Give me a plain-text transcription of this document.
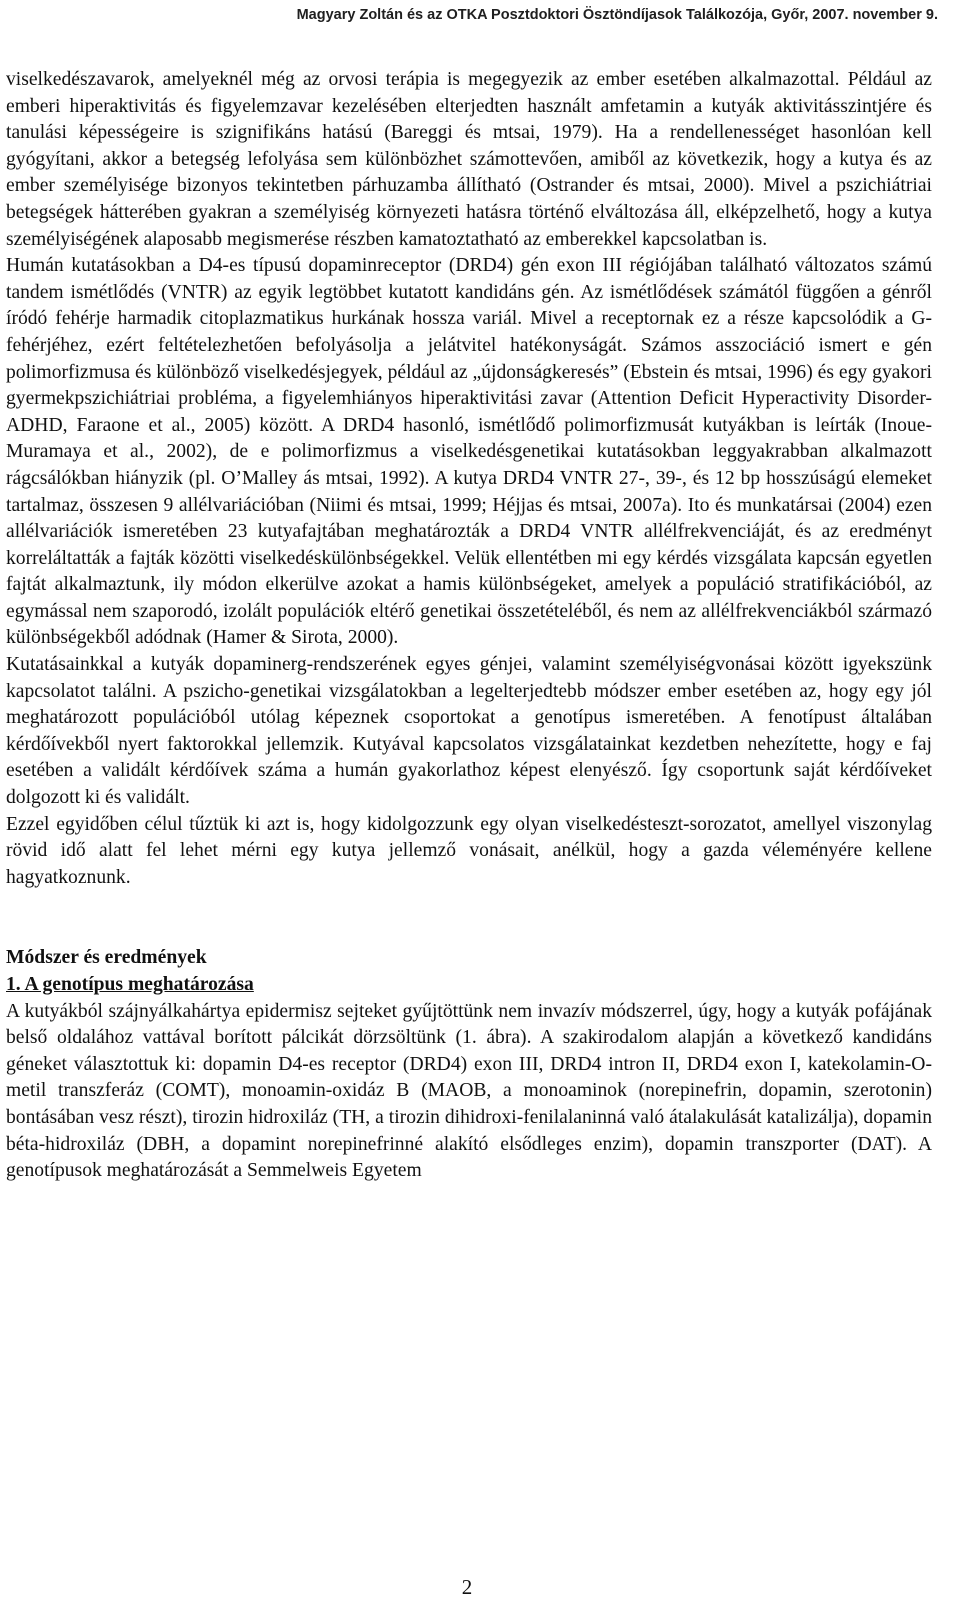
Magyary Zoltán és az OTKA Posztdoktori Ösztöndíjasok Találkozója, Győr, 2007. november 9.

viselkedészavarok, amelyeknél még az orvosi terápia is megegyezik az ember esetében alkalmazottal. Például az emberi hiperaktivitás és figyelemzavar kezelésében elterjedten használt amfetamin a kutyák aktivitásszintjére és tanulási képességeire is szignifikáns hatású (Bareggi és mtsai, 1979). Ha a rendellenességet hasonlóan kell gyógyítani, akkor a betegség lefolyása sem különbözhet számottevően, amiből az következik, hogy a kutya és az ember személyisége bizonyos tekintetben párhuzamba állítható (Ostrander és mtsai, 2000). Mivel a pszichiátriai betegségek hátterében gyakran a személyiség környezeti hatásra történő elváltozása áll, elképzelhető, hogy a kutya személyiségének alaposabb megismerése részben kamatoztatható az emberekkel kapcsolatban is.

Humán kutatásokban a D4-es típusú dopaminreceptor (DRD4) gén exon III régiójában található változatos számú tandem ismétlődés (VNTR) az egyik legtöbbet kutatott kandidáns gén. Az ismétlődések számától függően a génről íródó fehérje harmadik citoplazmatikus hurkának hossza variál. Mivel a receptornak ez a része kapcsolódik a G-fehérjéhez, ezért feltételezhetően befolyásolja a jelátvitel hatékonyságát. Számos asszociáció ismert e gén polimorfizmusa és különböző viselkedésjegyek, például az „újdonságkeresés” (Ebstein és mtsai, 1996) és egy gyakori gyermekpszichiátriai probléma, a figyelemhiányos hiperaktivitási zavar (Attention Deficit Hyperactivity Disorder-ADHD, Faraone et al., 2005) között. A DRD4 hasonló, ismétlődő polimorfizmusát kutyákban is leírták (Inoue-Muramaya et al., 2002), de e polimorfizmus a viselkedésgenetikai kutatásokban leggyakrabban alkalmazott rágcsálókban hiányzik (pl. O’Malley ás mtsai, 1992). A kutya DRD4 VNTR 27-, 39-, és 12 bp hosszúságú elemeket tartalmaz, összesen 9 allélvariációban (Niimi és mtsai, 1999; Héjjas és mtsai, 2007a). Ito és munkatársai (2004) ezen allélvariációk ismeretében 23 kutyafajtában meghatározták a DRD4 VNTR allélfrekvenciáját, és az eredményt korreláltatták a fajták közötti viselkedéskülönbségekkel. Velük ellentétben mi egy kérdés vizsgálata kapcsán egyetlen fajtát alkalmaztunk, ily módon elkerülve azokat a hamis különbségeket, amelyek a populáció stratifikációból, az egymással nem szaporodó, izolált populációk eltérő genetikai összetételéből, és nem az allélfrekvenciákból származó különbségekből adódnak (Hamer & Sirota, 2000).

Kutatásainkkal a kutyák dopaminerg-rendszerének egyes génjei, valamint személyiségvonásai között igyekszünk kapcsolatot találni. A pszicho-genetikai vizsgálatokban a legelterjedtebb módszer ember esetében az, hogy egy jól meghatározott populációból utólag képeznek csoportokat a genotípus ismeretében. A fenotípust általában kérdőívekből nyert faktorokkal jellemzik. Kutyával kapcsolatos vizsgálatainkat kezdetben nehezítette, hogy e faj esetében a validált kérdőívek száma a humán gyakorlathoz képest elenyésző. Így csoportunk saját kérdőíveket dolgozott ki és validált.

Ezzel egyidőben célul tűztük ki azt is, hogy kidolgozzunk egy olyan viselkedésteszt-sorozatot, amellyel viszonylag rövid idő alatt fel lehet mérni egy kutya jellemző vonásait, anélkül, hogy a gazda véleményére kellene hagyatkoznunk.

Módszer és eredmények
1. A genotípus meghatározása

A kutyákból szájnyálkahártya epidermisz sejteket gyűjtöttünk nem invazív módszerrel, úgy, hogy a kutyák pofájának belső oldalához vattával borított pálcikát dörzsöltünk (1. ábra). A szakirodalom alapján a következő kandidáns géneket választottuk ki: dopamin D4-es receptor (DRD4) exon III, DRD4 intron II, DRD4 exon I, katekolamin-O-metil transzferáz (COMT), monoamin-oxidáz B (MAOB, a monoaminok (norepinefrin, dopamin, szerotonin) bontásában vesz részt), tirozin hidroxiláz (TH, a tirozin dihidroxi-fenilalaninná való átalakulását katalizálja), dopamin béta-hidroxiláz (DBH, a dopamint norepinefrinné alakító elsődleges enzim), dopamin transzporter (DAT). A genotípusok meghatározását a Semmelweis Egyetem

2
